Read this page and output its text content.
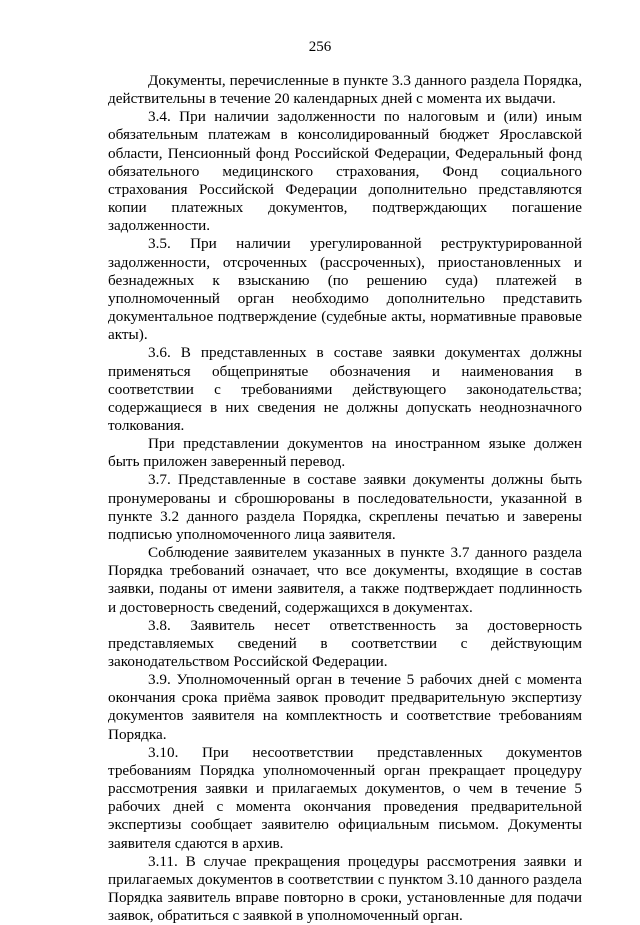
256

Документы, перечисленные в пункте 3.3 данного раздела Порядка, действительны в течение 20 календарных дней с момента их выдачи.

3.4. При наличии задолженности по налоговым и (или) иным обязательным платежам в консолидированный бюджет Ярославской области, Пенсионный фонд Российской Федерации, Федеральный фонд обязательного медицинского страхования, Фонд социального страхования Российской Федерации дополнительно представляются копии платежных документов, подтверждающих погашение задолженности.

3.5. При наличии урегулированной реструктурированной задолженности, отсроченных (рассроченных), приостановленных и безнадежных к взысканию (по решению суда) платежей в уполномоченный орган необходимо дополнительно представить документальное подтверждение (судебные акты, нормативные правовые акты).

3.6. В представленных в составе заявки документах должны применяться общепринятые обозначения и наименования в соответствии с требованиями действующего законодательства; содержащиеся в них сведения не должны допускать неоднозначного толкования.

При представлении документов на иностранном языке должен быть приложен заверенный перевод.

3.7. Представленные в составе заявки документы должны быть пронумерованы и сброшюрованы в последовательности, указанной в пункте 3.2 данного раздела Порядка, скреплены печатью и заверены подписью уполномоченного лица заявителя.

Соблюдение заявителем указанных в пункте 3.7 данного раздела Порядка требований означает, что все документы, входящие в состав заявки, поданы от имени заявителя, а также подтверждает подлинность и достоверность сведений, содержащихся в документах.

3.8. Заявитель несет ответственность за достоверность представляемых сведений в соответствии с действующим законодательством Российской Федерации.

3.9. Уполномоченный орган в течение 5 рабочих дней с момента окончания срока приёма заявок проводит предварительную экспертизу документов заявителя на комплектность и соответствие требованиям Порядка.

3.10. При несоответствии представленных документов требованиям Порядка уполномоченный орган прекращает процедуру рассмотрения заявки и прилагаемых документов, о чем в течение 5 рабочих дней с момента окончания проведения предварительной экспертизы сообщает заявителю официальным письмом. Документы заявителя сдаются в архив.

3.11. В случае прекращения процедуры рассмотрения заявки и прилагаемых документов в соответствии с пунктом 3.10 данного раздела Порядка заявитель вправе повторно в сроки, установленные для подачи заявок, обратиться с заявкой в уполномоченный орган.
